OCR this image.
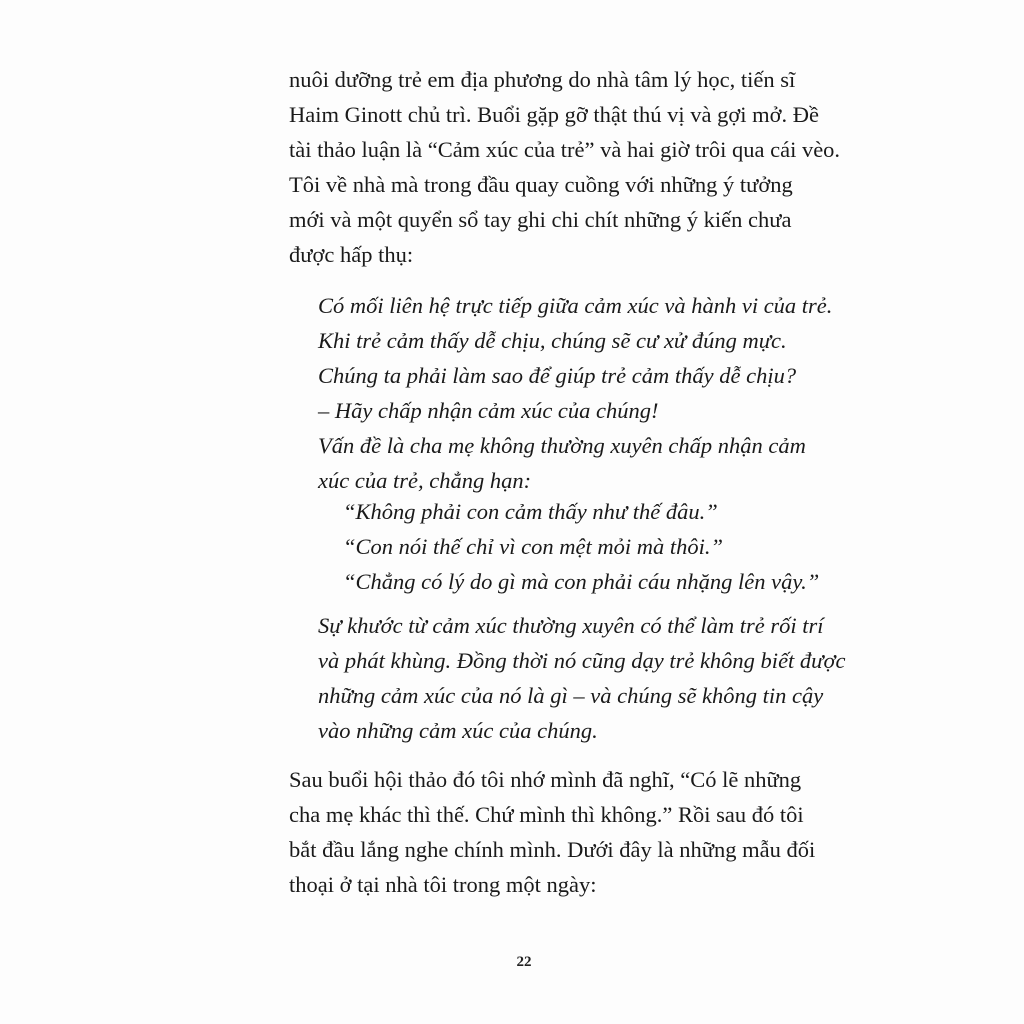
nuôi dưỡng trẻ em địa phương do nhà tâm lý học, tiến sĩ
Haim Ginott chủ trì. Buổi gặp gỡ thật thú vị và gợi mở. Đề
tài thảo luận là “Cảm xúc của trẻ” và hai giờ trôi qua cái vèo.
Tôi về nhà mà trong đầu quay cuồng với những ý tưởng
mới và một quyển sổ tay ghi chi chít những ý kiến chưa
được hấp thụ:
Có mối liên hệ trực tiếp giữa cảm xúc và hành vi của trẻ.
Khi trẻ cảm thấy dễ chịu, chúng sẽ cư xử đúng mực.
Chúng ta phải làm sao để giúp trẻ cảm thấy dễ chịu?
– Hãy chấp nhận cảm xúc của chúng!
Vấn đề là cha mẹ không thường xuyên chấp nhận cảm
xúc của trẻ, chẳng hạn:
“Không phải con cảm thấy như thế đâu.”
“Con nói thế chỉ vì con mệt mỏi mà thôi.”
“Chẳng có lý do gì mà con phải cáu nhặng lên vậy.”
Sự khước từ cảm xúc thường xuyên có thể làm trẻ rối trí
và phát khùng. Đồng thời nó cũng dạy trẻ không biết được
những cảm xúc của nó là gì – và chúng sẽ không tin cậy
vào những cảm xúc của chúng.
Sau buổi hội thảo đó tôi nhớ mình đã nghĩ, “Có lẽ những
cha mẹ khác thì thế. Chứ mình thì không.” Rồi sau đó tôi
bắt đầu lắng nghe chính mình. Dưới đây là những mẫu đối
thoại ở tại nhà tôi trong một ngày:
22
